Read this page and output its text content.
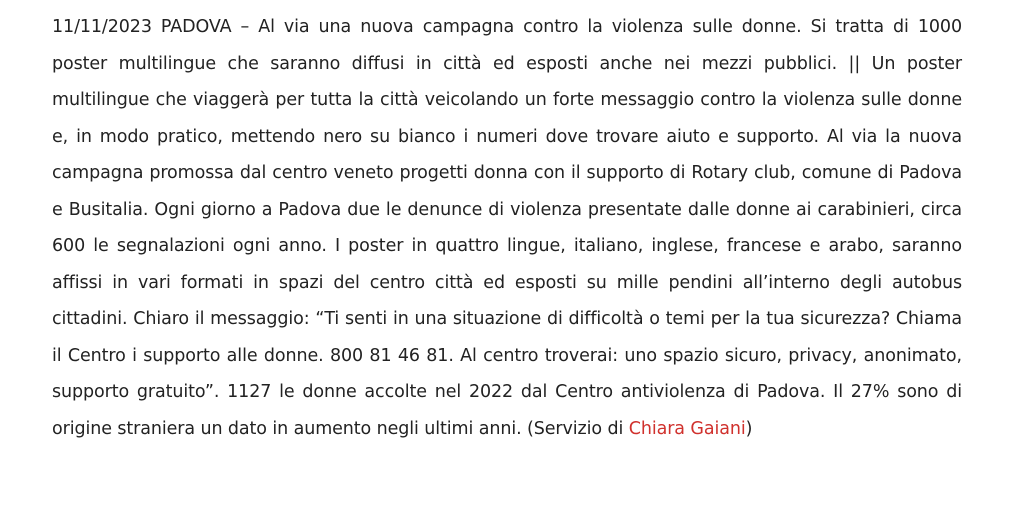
11/11/2023 PADOVA – Al via una nuova campagna contro la violenza sulle donne. Si tratta di 1000 poster multilingue che saranno diffusi in città ed esposti anche nei mezzi pubblici. || Un poster multilingue che viaggerà per tutta la città veicolando un forte messaggio contro la violenza sulle donne e, in modo pratico, mettendo nero su bianco i numeri dove trovare aiuto e supporto. Al via la nuova campagna promossa dal centro veneto progetti donna con il supporto di Rotary club, comune di Padova e Busitalia. Ogni giorno a Padova due le denunce di violenza presentate dalle donne ai carabinieri, circa 600 le segnalazioni ogni anno. I poster in quattro lingue, italiano, inglese, francese e arabo, saranno affissi in vari formati in spazi del centro città ed esposti su mille pendini all’interno degli autobus cittadini. Chiaro il messaggio: “Ti senti in una situazione di difficoltà o temi per la tua sicurezza? Chiama il Centro i supporto alle donne. 800 81 46 81. Al centro troverai: uno spazio sicuro, privacy, anonimato, supporto gratuito”. 1127 le donne accolte nel 2022 dal Centro antiviolenza di Padova. Il 27% sono di origine straniera un dato in aumento negli ultimi anni. (Servizio di Chiara Gaiani)
